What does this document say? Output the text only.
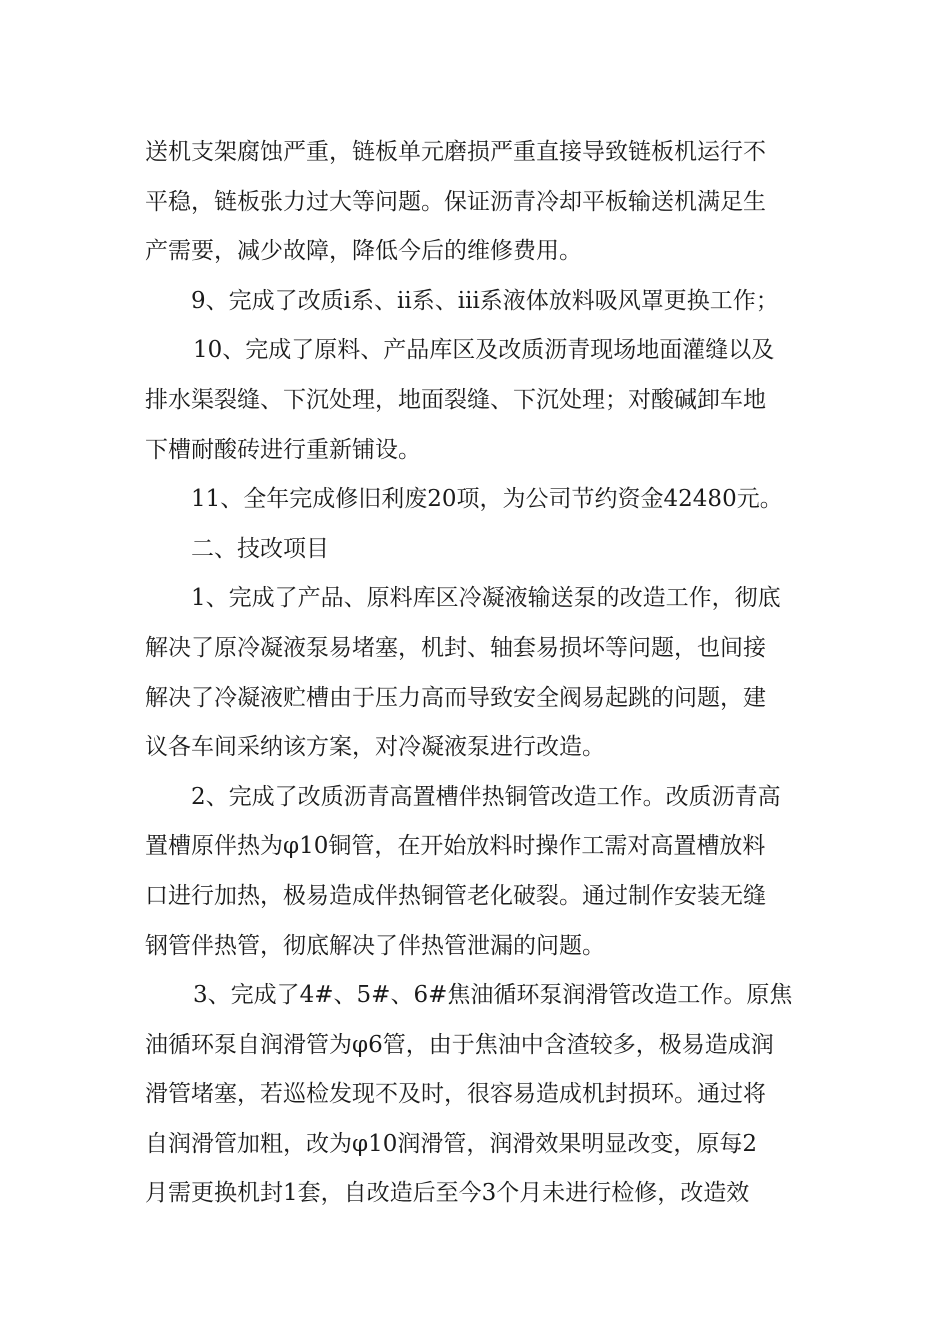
送机支架腐蚀严重，链板单元磨损严重直接导致链板机运行不
平稳，链板张力过大等问题。保证沥青冷却平板输送机满足生
产需要，减少故障，降低今后的维修费用。
9、完成了改质ⅰ系、ⅱ系、ⅲ系液体放料吸风罩更换工作；
10、完成了原料、产品库区及改质沥青现场地面灌缝以及
排水渠裂缝、下沉处理，地面裂缝、下沉处理；对酸碱卸车地
下槽耐酸砖进行重新铺设。
11、全年完成修旧利废20项，为公司节约资金42480元。
二、技改项目
1、完成了产品、原料库区冷凝液输送泵的改造工作，彻底
解决了原冷凝液泵易堵塞，机封、轴套易损坏等问题，也间接
解决了冷凝液贮槽由于压力高而导致安全阀易起跳的问题，建
议各车间采纳该方案，对冷凝液泵进行改造。
2、完成了改质沥青高置槽伴热铜管改造工作。改质沥青高
置槽原伴热为φ10铜管，在开始放料时操作工需对高置槽放料
口进行加热，极易造成伴热铜管老化破裂。通过制作安装无缝
钢管伴热管，彻底解决了伴热管泄漏的问题。
3、完成了4#、5#、6#焦油循环泵润滑管改造工作。原焦
油循环泵自润滑管为φ6管，由于焦油中含渣较多，极易造成润
滑管堵塞，若巡检发现不及时，很容易造成机封损环。通过将
自润滑管加粗，改为φ10润滑管，润滑效果明显改变，原每2
月需更换机封1套，自改造后至今3个月未进行检修，改造效
